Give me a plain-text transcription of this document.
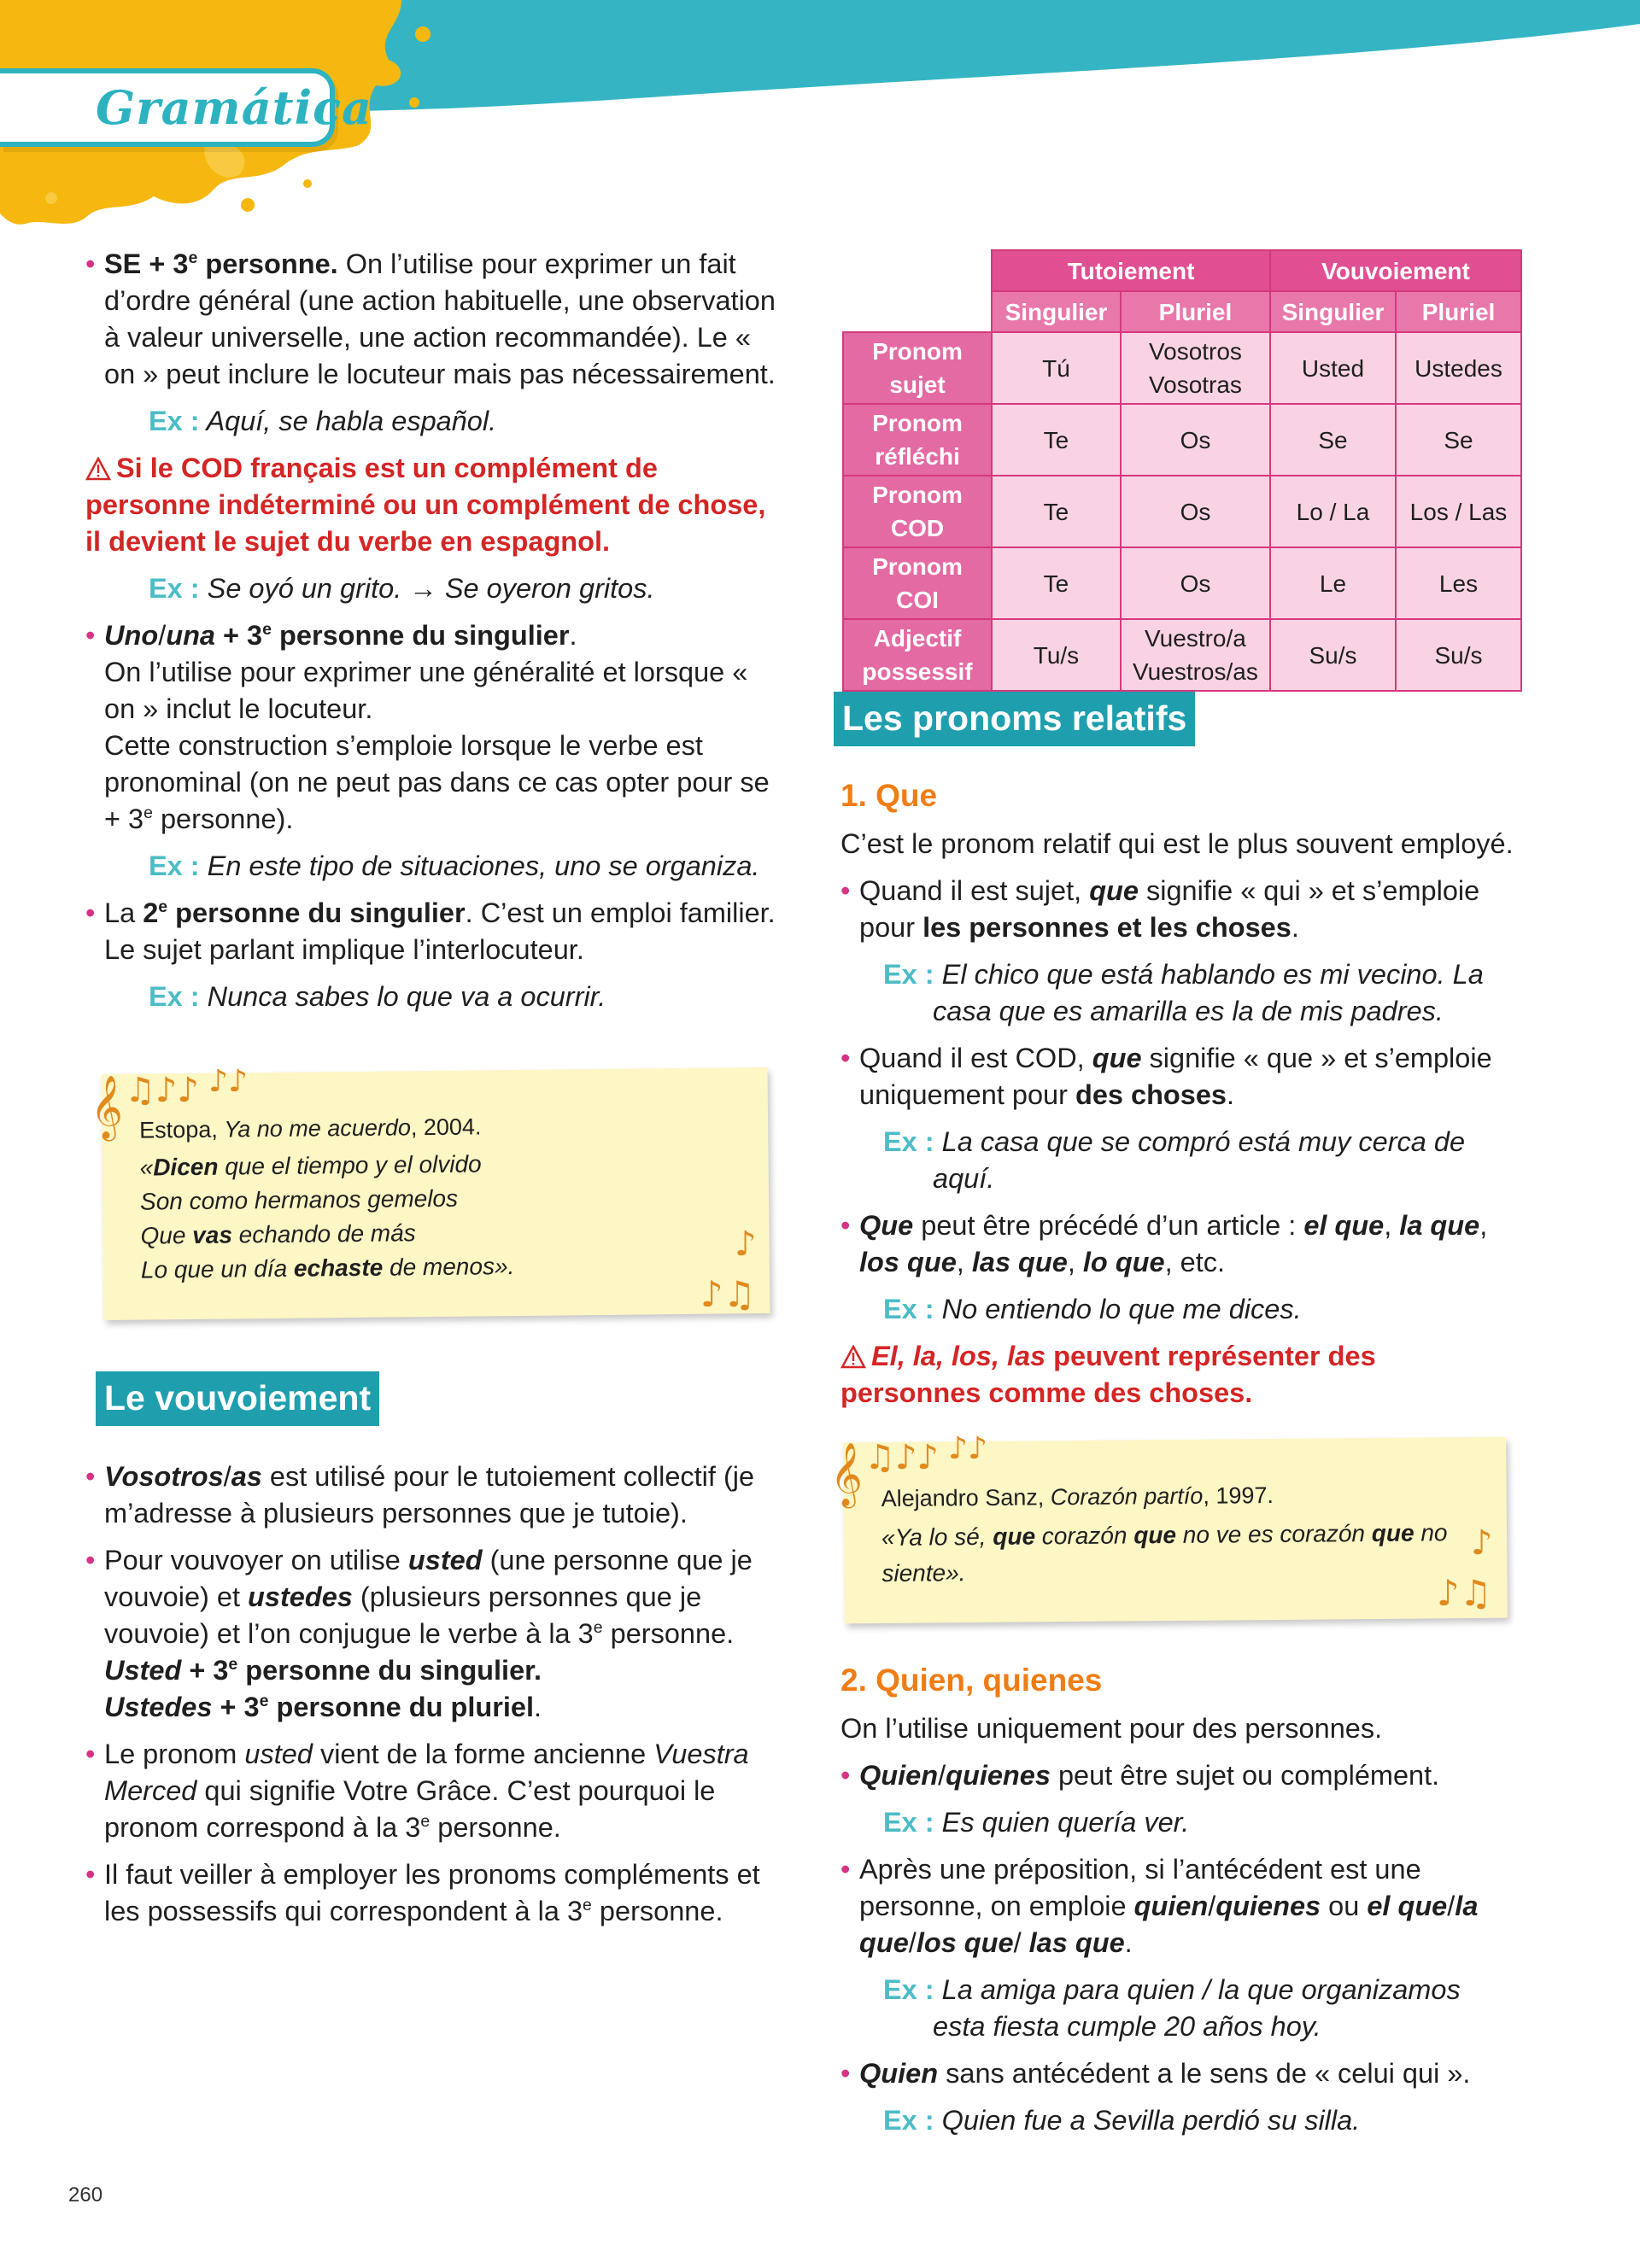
Gramática
• SE + $3^e$ personne. On l’utilise pour exprimer un fait d’ordre général (une action habituelle, une observation à valeur universelle, une action recommandée). Le « on » peut inclure le locuteur mais pas nécessairement.
Ex : Aquí, se habla español.
Si le COD français est un complément de personne indéterminé ou un complément de chose, il devient le sujet du verbe en espagnol.
Ex : Se oyó un grito. → Se oyeron gritos.
• $Uno/una + 3^e$ personne du singulier.
On l’utilise pour exprimer une généralité et lorsque « on » inclut le locuteur.
Cette construction s’emploie lorsque le verbe est pronominal (on ne peut pas dans ce cas opter pour se + $3^e$ personne).
Ex : En este tipo de situaciones, uno se organiza.
• La 2e personne du singulier. C’est un emploi familier. Le sujet parlant implique l’interlocuteur.
Ex : Nunca sabes lo que va a ocurrir.
Estopa, Ya no me acuerdo, 2004.
«Dicen que el tiempo y el olvido
Son como hermanos gemelos
Que vas echando de más
Lo que un día echaste de menos».
𝄞 ♫♪♪ ♪♪
♪
♪♫
Le vouvoiement
• Vosotros/as est utilisé pour le tutoiement collectif (je m’adresse à plusieurs personnes que je tutoie).
• Pour vouvoyer on utilise usted (une personne que je vouvoie) et ustedes (plusieurs personnes que je vouvoie) et l’on conjugue le verbe à la 3e personne.
Usted + $3^e$ personne du singulier.
Ustedes + $3^e$ personne du pluriel.
• Le pronom usted vient de la forme ancienne Vuestra Merced qui signifie Votre Grâce. C’est pourquoi le pronom correspond à la 3e personne.
• Il faut veiller à employer les pronoms compléments et les possessifs qui correspondent à la 3e personne.
	Tutoiement		Vouvoiement	
	Singulier	Pluriel	Singulier	Pluriel
Pronom sujet	Tú	Vosotros Vosotras	Usted	Ustedes
Pronom réfléchi	Te	Os	Se	Se
Pronom COD	Te	Os	Lo / La	Los / Las
Pronom COI	Te	Os	Le	Les
Adjectif possessif	Tu/s	Vuestro/a Vuestros/as	Su/s	Su/s
Les pronoms relatifs
1. Que
C’est le pronom relatif qui est le plus souvent employé.
• Quand il est sujet, que signifie « qui » et s’emploie pour les personnes et les choses.
Ex : El chico que está hablando es mi vecino. La casa que es amarilla es la de mis padres.
• Quand il est COD, que signifie « que » et s’emploie uniquement pour des choses.
Ex : La casa que se compró está muy cerca de aquí.
• Que peut être précédé d’un article : el que, la que, los que, las que, lo que, etc.
Ex : No entiendo lo que me dices.
El, la, los, las peuvent représenter des personnes comme des choses.
Alejandro Sanz, Corazón partío, 1997.
«Ya lo sé, que corazón que no ve es corazón que no
siente».
𝄞 ♫♪♪ ♪♪
♪
♪♫
2. Quien, quienes
On l’utilise uniquement pour des personnes.
• Quien/quienes peut être sujet ou complément.
Ex : Es quien quería ver.
• Après une préposition, si l’antécédent est une personne, on emploie quien/quienes ou el que/la que/los que/ las que.
Ex : La amiga para quien / la que organizamos esta fiesta cumple 20 años hoy.
• Quien sans antécédent a le sens de « celui qui ».
Ex : Quien fue a Sevilla perdió su silla.
260
